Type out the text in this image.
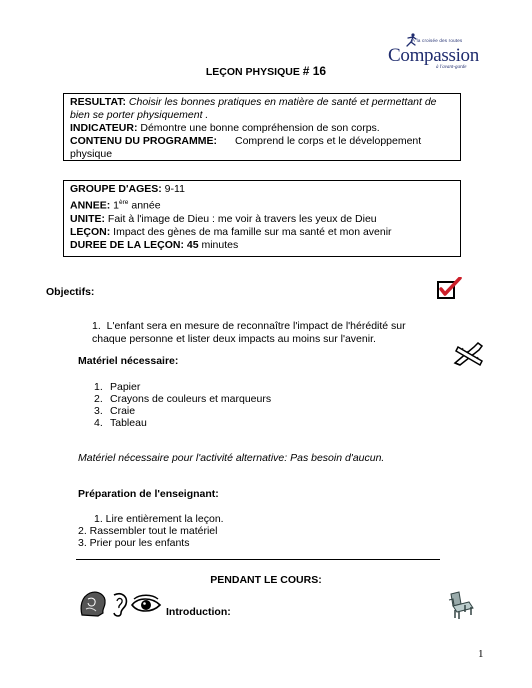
À la croisée des routes
Compassion
à l'avant-garde
LEÇON PHYSIQUE # 16
RESULTAT: Choisir les bonnes pratiques en matière de santé et permettant de
bien se porter physiquement .
INDICATEUR: Démontre une bonne compréhension de son corps.
CONTENU DU PROGRAMME: Comprend le corps et le développement
physique
GROUPE D'AGES: 9-11
ANNEE: 1ère année
UNITE: Fait à l'image de Dieu : me voir à travers les yeux de Dieu
LEÇON: Impact des gènes de ma famille sur ma santé et mon avenir
DUREE DE LA LEÇON: 45 minutes
Objectifs:
1. L'enfant sera en mesure de reconnaître l'impact de l'hérédité sur
chaque personne et lister deux impacts au moins sur l'avenir.
Matériel nécessaire:
1. Papier
2. Crayons de couleurs et marqueurs
3. Craie
4. Tableau
Matériel nécessaire pour l'activité alternative: Pas besoin d'aucun.
Préparation de l'enseignant:
1. Lire entièrement la leçon.
2. Rassembler tout le matériel
3. Prier pour les enfants
PENDANT LE COURS:
Introduction:
1
